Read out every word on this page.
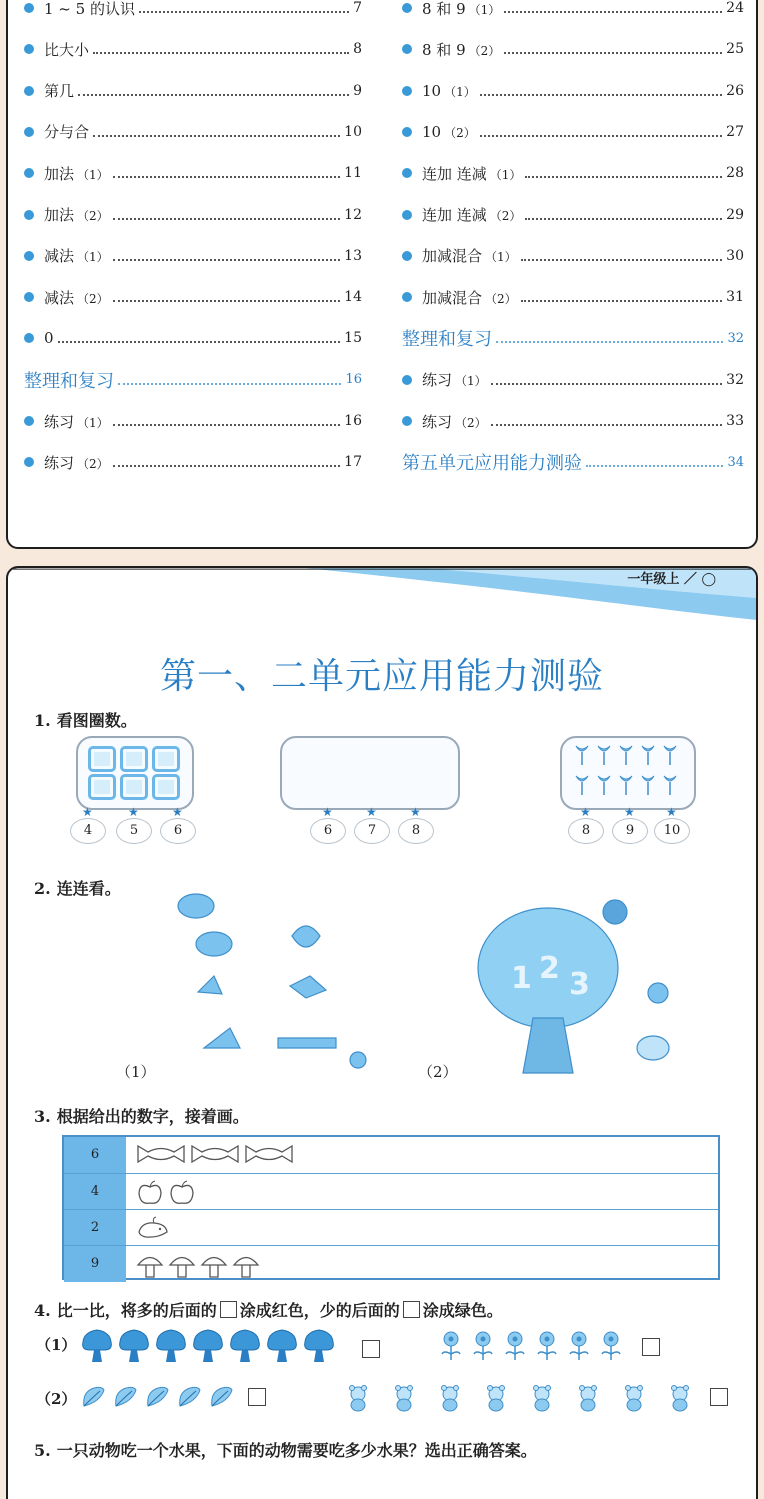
1 ~ 5 的认识	7
比大小	8
第几	9
分与合	10
加法 （1）	11
加法 （2）	12
减法 （1）	13
减法 （2）	14
0	15
整理和复习	16
练习 （1）	16
练习 （2）	17
8 和 9 （1）	24
8 和 9 （2）	25
10 （1）	26
10 （2）	27
连加 连减 （1）	28
连加 连减 （2）	29
加减混合 （1）	30
加减混合 （2）	31
整理和复习	32
练习 （1）	32
练习 （2）	33
第五单元应用能力测验	34
一年级上 ／ ◯
第一、二单元应用能力测验
1. 看图圈数。
★
4
★
5
★
6
★
6
★
7
★
8
★
8
★
9
★
10
2. 连连看。
（1）
1 2 3
（2）
3. 根据给出的数字，接着画。
6
4
2
9
4. 比一比，将多的后面的 涂成红色，少的后面的 涂成绿色。
（1）
（2）
5. 一只动物吃一个水果，下面的动物需要吃多少水果？选出正确答案。
